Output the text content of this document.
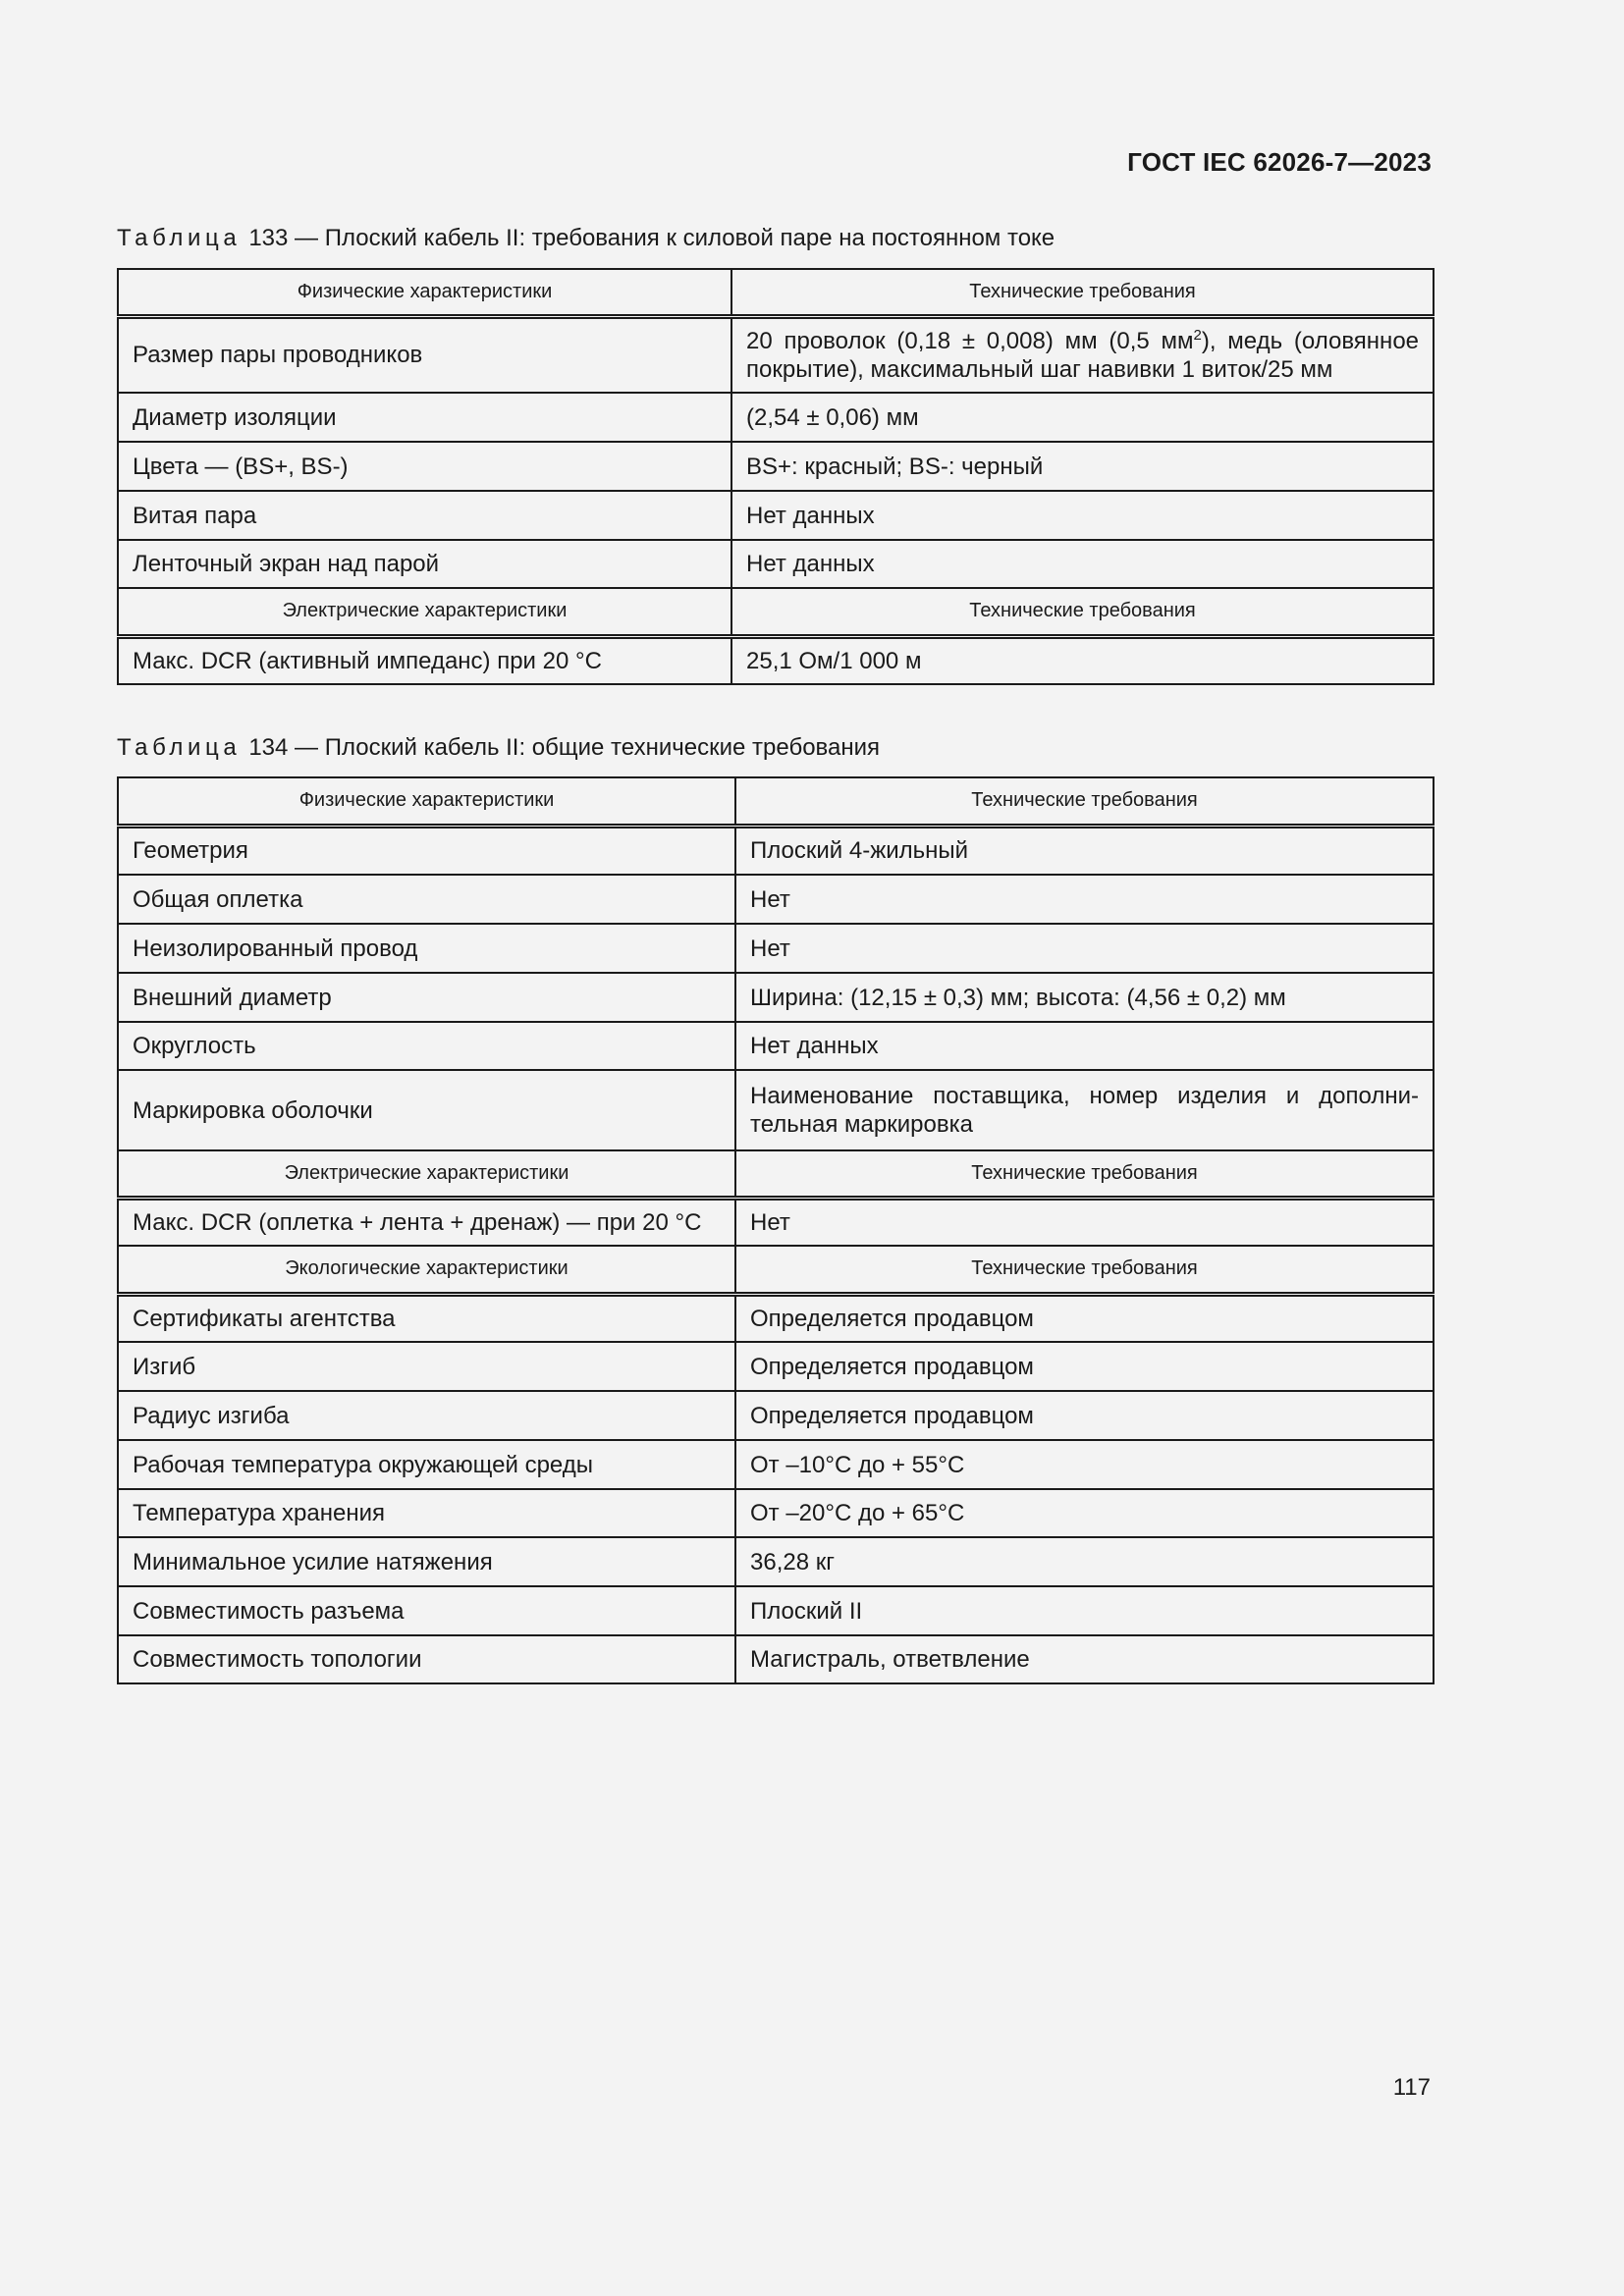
ГОСТ IEC 62026-7—2023
Таблица 133 — Плоский кабель II: требования к силовой паре на постоянном токе
Физические характеристики	Технические требования
Размер пары проводников	20 проволок (0,18 ± 0,008) мм (0,5 $мм^2$), медь (оловянное покрытие), максимальный шаг навивки 1 виток/25 мм
Диаметр изоляции	(2,54 ± 0,06) мм
Цвета — (BS+, BS-)	BS+: красный; BS-: черный
Витая пара	Нет данных
Ленточный экран над парой	Нет данных
Электрические характеристики	Технические требования
Макс. DCR (активный импеданс) при 20 °C	25,1 Ом/1 000 м
Таблица 134 — Плоский кабель II: общие технические требования
Физические характеристики	Технические требования
Геометрия	Плоский 4-жильный
Общая оплетка	Нет
Неизолированный провод	Нет
Внешний диаметр	Ширина: (12,15 ± 0,3) мм; высота: (4,56 ± 0,2) мм
Округлость	Нет данных
Маркировка оболочки	Наименование поставщика, номер изделия и дополни-тельная маркировка
Электрические характеристики	Технические требования
Макс. DCR (оплетка + лента + дренаж) — при 20 °C	Нет
Экологические характеристики	Технические требования
Сертификаты агентства	Определяется продавцом
Изгиб	Определяется продавцом
Радиус изгиба	Определяется продавцом
Рабочая температура окружающей среды	От –10°C до + 55°C
Температура хранения	От –20°C до + 65°C
Минимальное усилие натяжения	36,28 кг
Совместимость разъема	Плоский II
Совместимость топологии	Магистраль, ответвление
117
